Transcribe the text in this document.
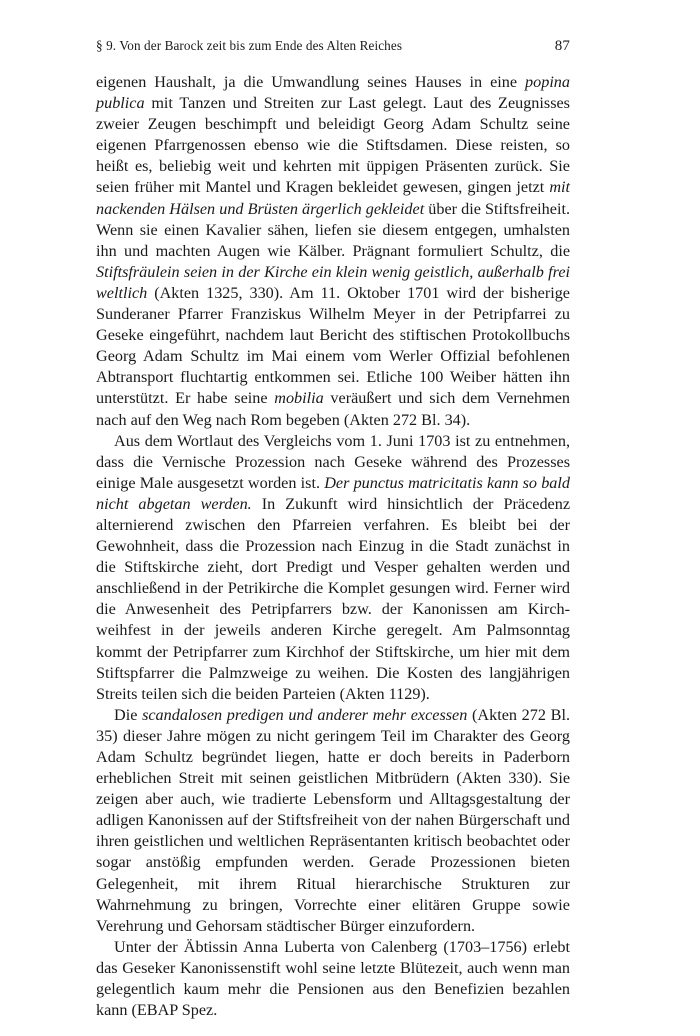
§ 9. Von der Barock zeit bis zum Ende des Alten Reiches	87

eigenen Haushalt, ja die Umwandlung seines Hauses in eine popina publica mit Tanzen und Streiten zur Last gelegt. Laut des Zeugnisses zweier Zeugen beschimpft und beleidigt Georg Adam Schultz seine eigenen Pfarrgenossen ebenso wie die Stiftsdamen. Diese reisten, so heißt es, beliebig weit und kehrten mit üppigen Präsenten zurück. Sie seien früher mit Mantel und Kragen bekleidet gewesen, gingen jetzt mit nackenden Hälsen und Brüsten ärgerlich gekleidet über die Stiftsfreiheit. Wenn sie einen Kavalier sähen, liefen sie diesem entgegen, umhalsten ihn und machten Augen wie Kälber. Prägnant formuliert Schultz, die Stiftsfräulein seien in der Kirche ein klein wenig geistlich, außerhalb frei weltlich (Akten 1325, 330). Am 11. Oktober 1701 wird der bisherige Sunderaner Pfarrer Franziskus Wilhelm Meyer in der Petripfarrei zu Geseke eingeführt, nachdem laut Bericht des stiftischen Protokollbuchs Georg Adam Schultz im Mai einem vom Werler Offizial befohlenen Abtransport fluchtartig entkommen sei. Etliche 100 Weiber hätten ihn unterstützt. Er habe seine mobilia veräußert und sich dem Vernehmen nach auf den Weg nach Rom begeben (Akten 272 Bl. 34).

Aus dem Wortlaut des Vergleichs vom 1. Juni 1703 ist zu entnehmen, dass die Vernische Prozession nach Geseke während des Prozesses einige Male ausgesetzt worden ist. Der punctus matricitatis kann so bald nicht abgetan werden. In Zukunft wird hinsichtlich der Präcedenz alternierend zwischen den Pfarreien verfahren. Es bleibt bei der Gewohnheit, dass die Prozession nach Einzug in die Stadt zunächst in die Stiftskirche zieht, dort Predigt und Vesper gehalten werden und anschließend in der Petrikirche die Komplet gesungen wird. Ferner wird die Anwesenheit des Petripfarrers bzw. der Kanonissen am Kirchweihfest in der jeweils anderen Kirche geregelt. Am Palmsonntag kommt der Petripfarrer zum Kirchhof der Stiftskirche, um hier mit dem Stiftspfarrer die Palmzweige zu weihen. Die Kosten des langjährigen Streits teilen sich die beiden Parteien (Akten 1129).

Die scandalosen predigen und anderer mehr excessen (Akten 272 Bl. 35) dieser Jahre mögen zu nicht geringem Teil im Charakter des Georg Adam Schultz begründet liegen, hatte er doch bereits in Paderborn erheblichen Streit mit seinen geistlichen Mitbrüdern (Akten 330). Sie zeigen aber auch, wie tradierte Lebensform und Alltagsgestaltung der adligen Kanonissen auf der Stiftsfreiheit von der nahen Bürgerschaft und ihren geistlichen und weltlichen Repräsentanten kritisch beobachtet oder sogar anstößig empfunden werden. Gerade Prozessionen bieten Gelegenheit, mit ihrem Ritual hierarchische Strukturen zur Wahrnehmung zu bringen, Vorrechte einer elitären Gruppe sowie Verehrung und Gehorsam städtischer Bürger einzufordern.

Unter der Äbtissin Anna Luberta von Calenberg (1703–1756) erlebt das Geseker Kanonissenstift wohl seine letzte Blütezeit, auch wenn man gelegentlich kaum mehr die Pensionen aus den Benefizien bezahlen kann (EBAP Spez.
